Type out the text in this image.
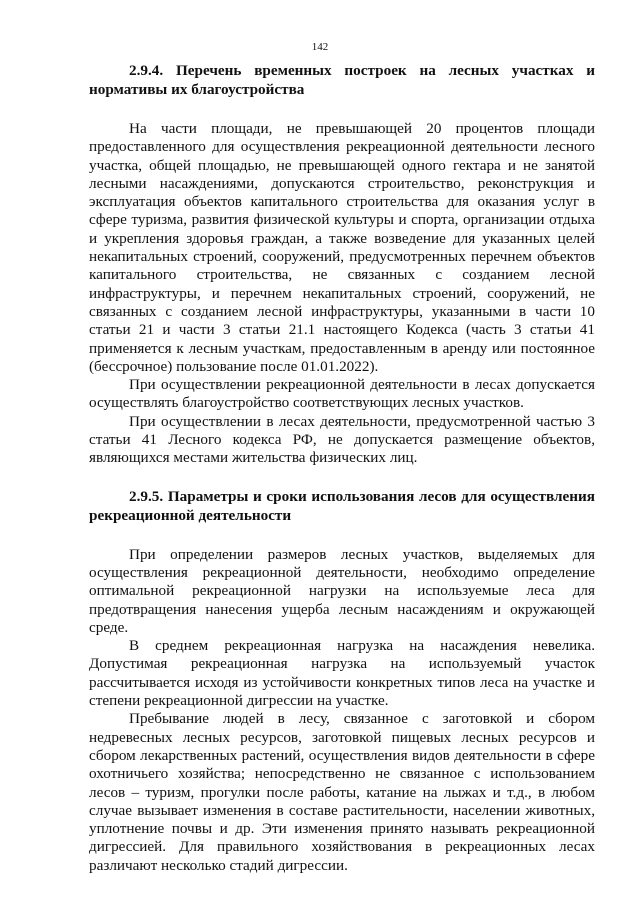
142

2.9.4. Перечень временных построек на лесных участках и нормативы их благоустройства

На части площади, не превышающей 20 процентов площади предоставленного для осуществления рекреационной деятельности лесного участка, общей площадью, не превышающей одного гектара и не занятой лесными насаждениями, допускаются строительство, реконструкция и эксплуатация объектов капитального строительства для оказания услуг в сфере туризма, развития физической культуры и спорта, организации отдыха и укрепления здоровья граждан, а также возведение для указанных целей некапитальных строений, сооружений, предусмотренных перечнем объектов капитального строительства, не связанных с созданием лесной инфраструктуры, и перечнем некапитальных строений, сооружений, не связанных с созданием лесной инфраструктуры, указанными в части 10 статьи 21 и части 3 статьи 21.1 настоящего Кодекса (часть 3 статьи 41 применяется к лесным участкам, предоставленным в аренду или постоянное (бессрочное) пользование после 01.01.2022).

При осуществлении рекреационной деятельности в лесах допускается осуществлять благоустройство соответствующих лесных участков.

При осуществлении в лесах деятельности, предусмотренной частью 3 статьи 41 Лесного кодекса РФ, не допускается размещение объектов, являющихся местами жительства физических лиц.

2.9.5. Параметры и сроки использования лесов для осуществления рекреационной деятельности

При определении размеров лесных участков, выделяемых для осуществления рекреационной деятельности, необходимо определение оптимальной рекреационной нагрузки на используемые леса для предотвращения нанесения ущерба лесным насаждениям и окружающей среде.

В среднем рекреационная нагрузка на насаждения невелика. Допустимая рекреационная нагрузка на используемый участок рассчитывается исходя из устойчивости конкретных типов леса на участке и степени рекреационной дигрессии на участке.

Пребывание людей в лесу, связанное с заготовкой и сбором недревесных лесных ресурсов, заготовкой пищевых лесных ресурсов и сбором лекарственных растений, осуществления видов деятельности в сфере охотничьего хозяйства; непосредственно не связанное с использованием лесов – туризм, прогулки после работы, катание на лыжах и т.д., в любом случае вызывает изменения в составе растительности, населении животных, уплотнение почвы и др. Эти изменения принято называть рекреационной дигрессией. Для правильного хозяйствования в рекреационных лесах различают несколько стадий дигрессии.
